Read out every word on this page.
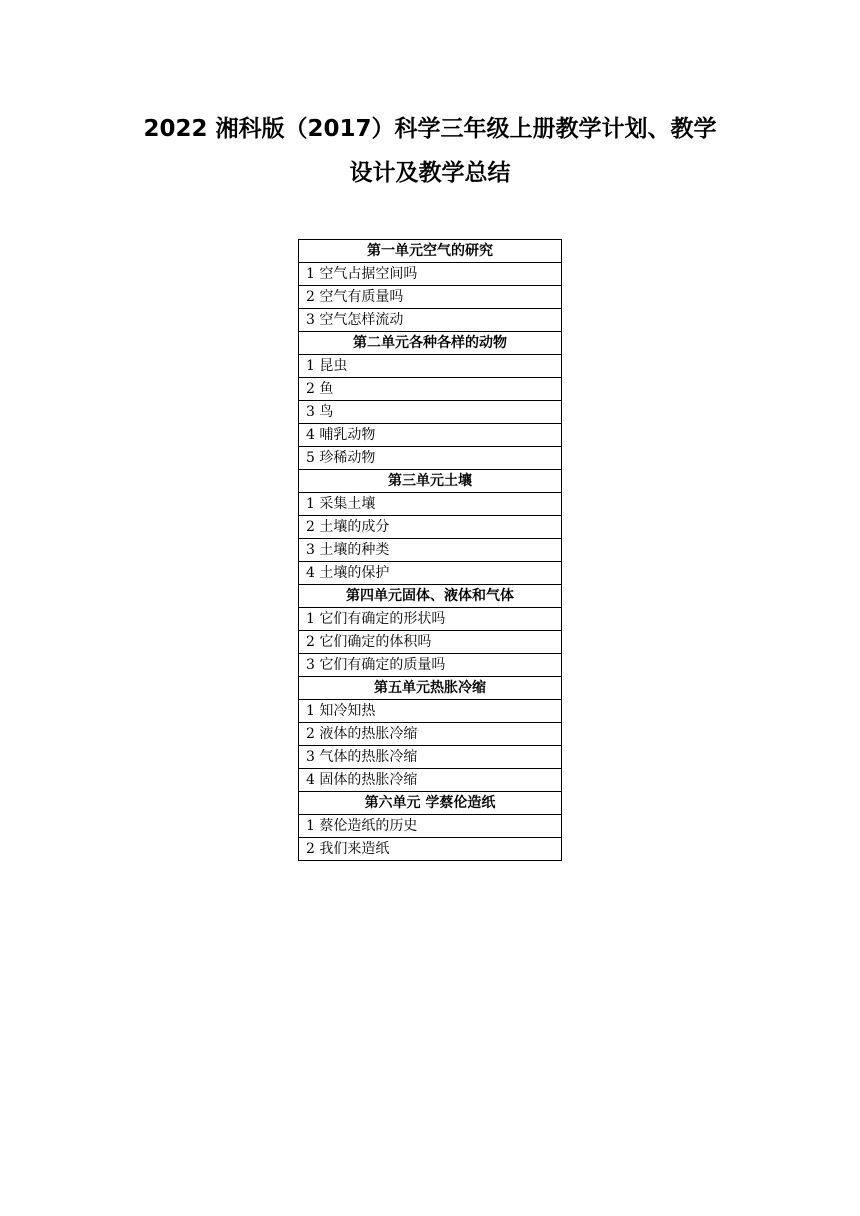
2022 湘科版（2017）科学三年级上册教学计划、教学
设计及教学总结
第一单元空气的研究
1 空气占据空间吗
2 空气有质量吗
3 空气怎样流动
第二单元各种各样的动物
1 昆虫
2 鱼
3 鸟
4 哺乳动物
5 珍稀动物
第三单元土壤
1 采集土壤
2 土壤的成分
3 土壤的种类
4 土壤的保护
第四单元固体、液体和气体
1 它们有确定的形状吗
2 它们确定的体积吗
3 它们有确定的质量吗
第五单元热胀冷缩
1 知冷知热
2 液体的热胀冷缩
3 气体的热胀冷缩
4 固体的热胀冷缩
第六单元 学蔡伦造纸
1 蔡伦造纸的历史
2 我们来造纸
